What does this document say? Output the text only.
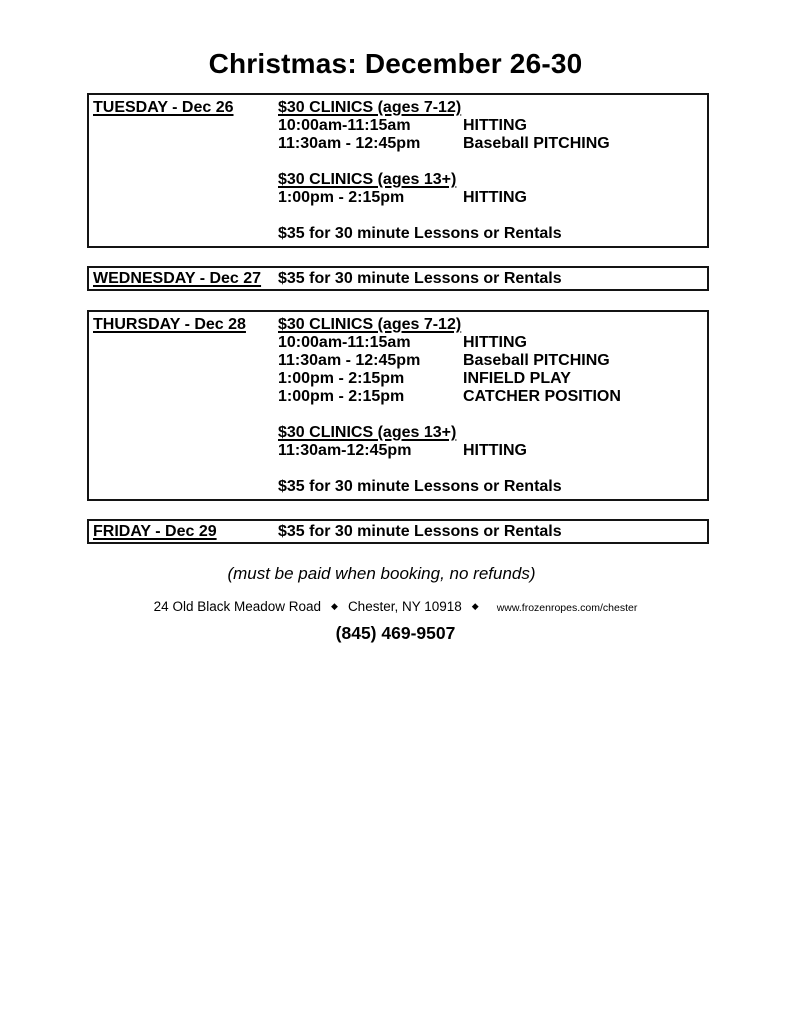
Christmas: December 26-30
TUESDAY - Dec 26	$30 CLINICS (ages 7-12)
10:00am-11:15am	HITTING
11:30am - 12:45pm	Baseball PITCHING
$30 CLINICS (ages 13+)
1:00pm - 2:15pm	HITTING
$35 for 30 minute Lessons or Rentals
WEDNESDAY - Dec 27	$35 for 30 minute Lessons or Rentals
THURSDAY - Dec 28	$30 CLINICS (ages 7-12)
10:00am-11:15am	HITTING
11:30am - 12:45pm	Baseball PITCHING
1:00pm - 2:15pm	INFIELD PLAY
1:00pm - 2:15pm	CATCHER POSITION
$30 CLINICS (ages 13+)
11:30am-12:45pm	HITTING
$35 for 30 minute Lessons or Rentals
FRIDAY - Dec 29	$35 for 30 minute Lessons or Rentals
(must be paid when booking, no refunds)
24 Old Black Meadow Road ◆ Chester, NY 10918 ◆ www.frozenropes.com/chester
(845) 469-9507
